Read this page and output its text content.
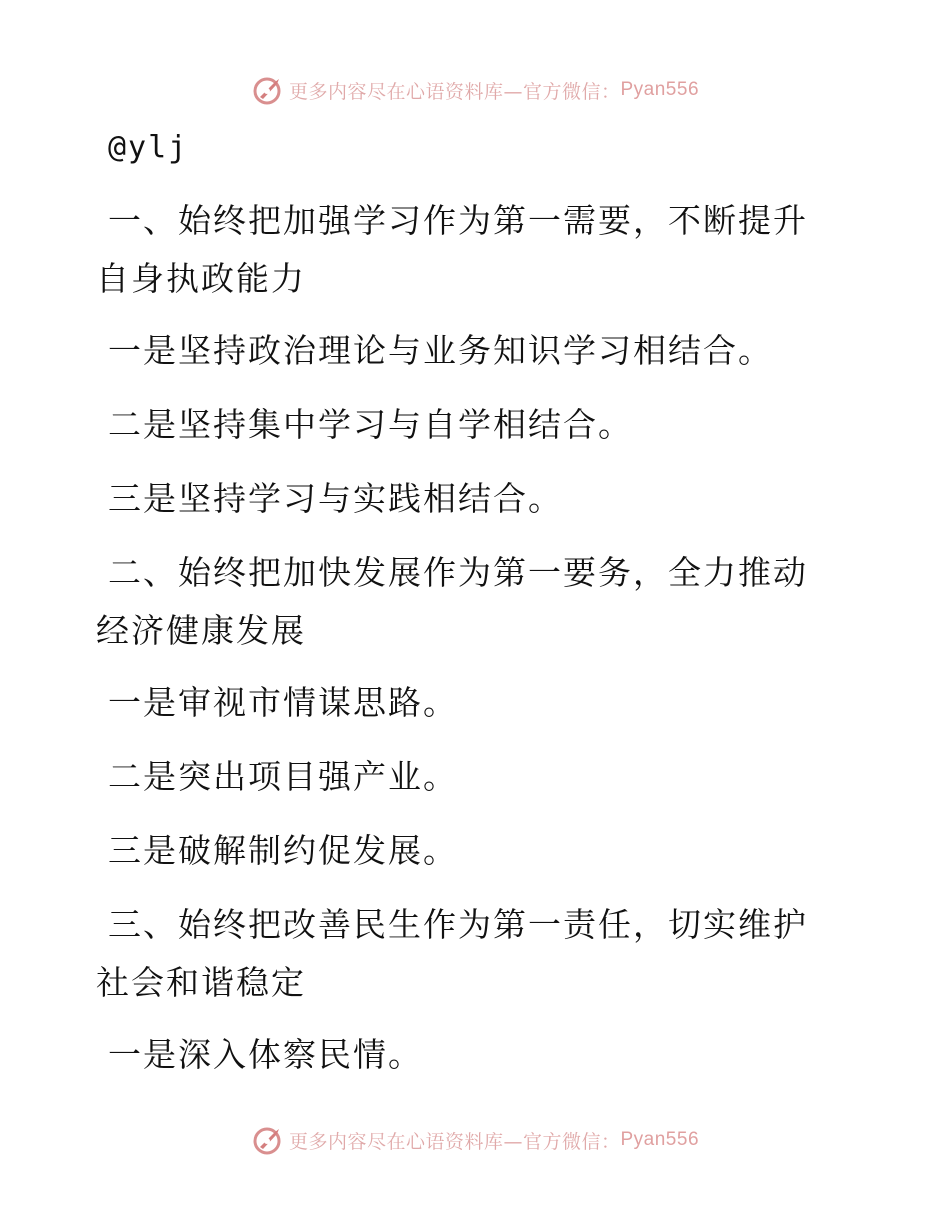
更多内容尽在心语资料库—官方微信： Pyan556

@ylj

一、始终把加强学习作为第一需要，不断提升自身执政能力

一是坚持政治理论与业务知识学习相结合。

二是坚持集中学习与自学相结合。

三是坚持学习与实践相结合。

二、始终把加快发展作为第一要务，全力推动经济健康发展

一是审视市情谋思路。

二是突出项目强产业。

三是破解制约促发展。

三、始终把改善民生作为第一责任，切实维护社会和谐稳定

一是深入体察民情。

更多内容尽在心语资料库—官方微信： Pyan556
